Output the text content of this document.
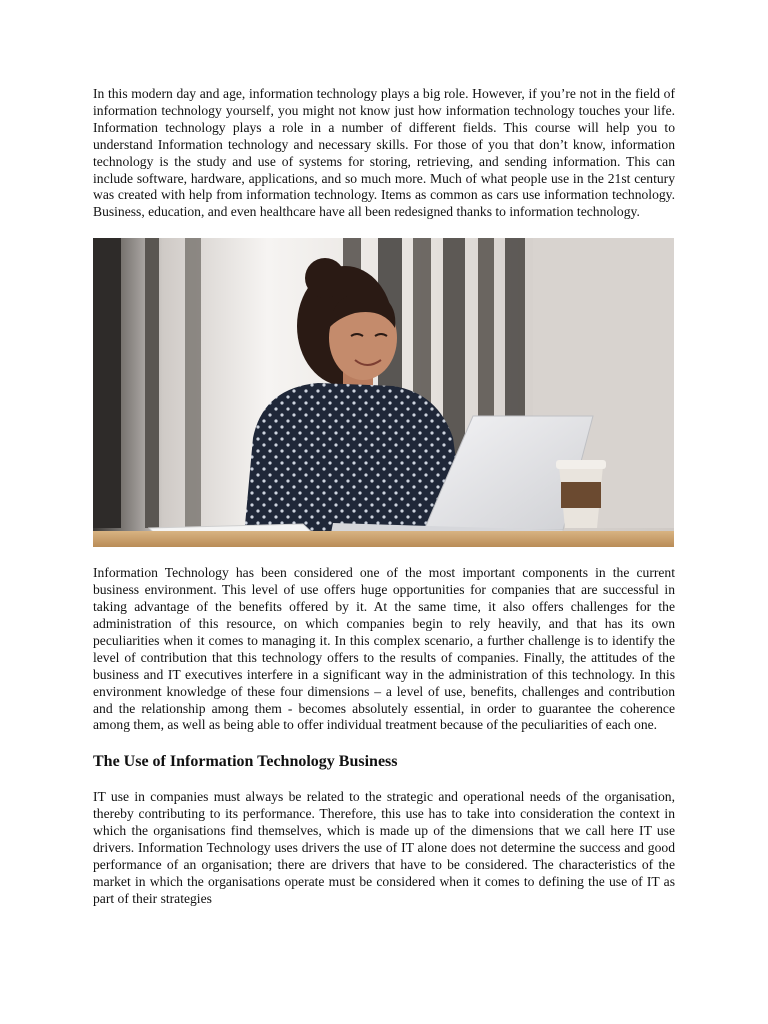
In this modern day and age, information technology plays a big role. However, if you’re not in the field of information technology yourself, you might not know just how information technology touches your life. Information technology plays a role in a number of different fields. This course will help you to understand Information technology and necessary skills. For those of you that don’t know, information technology is the study and use of systems for storing, retrieving, and sending information. This can include software, hardware, applications, and so much more. Much of what people use in the 21st century was created with help from information technology. Items as common as cars use information technology. Business, education, and even healthcare have all been redesigned thanks to information technology.

Information Technology has been considered one of the most important components in the current business environment. This level of use offers huge opportunities for companies that are successful in taking advantage of the benefits offered by it. At the same time, it also offers challenges for the administration of this resource, on which companies begin to rely heavily, and that has its own peculiarities when it comes to managing it. In this complex scenario, a further challenge is to identify the level of contribution that this technology offers to the results of companies. Finally, the attitudes of the business and IT executives interfere in a significant way in the administration of this technology. In this environment knowledge of these four dimensions – a level of use, benefits, challenges and contribution and the relationship among them - becomes absolutely essential, in order to guarantee the coherence among them, as well as being able to offer individual treatment because of the peculiarities of each one.

The Use of Information Technology Business

IT use in companies must always be related to the strategic and operational needs of the organisation, thereby contributing to its performance. Therefore, this use has to take into consideration the context in which the organisations find themselves, which is made up of the dimensions that we call here IT use drivers. Information Technology uses drivers the use of IT alone does not determine the success and good performance of an organisation; there are drivers that have to be considered. The characteristics of the market in which the organisations operate must be considered when it comes to defining the use of IT as part of their strategies
